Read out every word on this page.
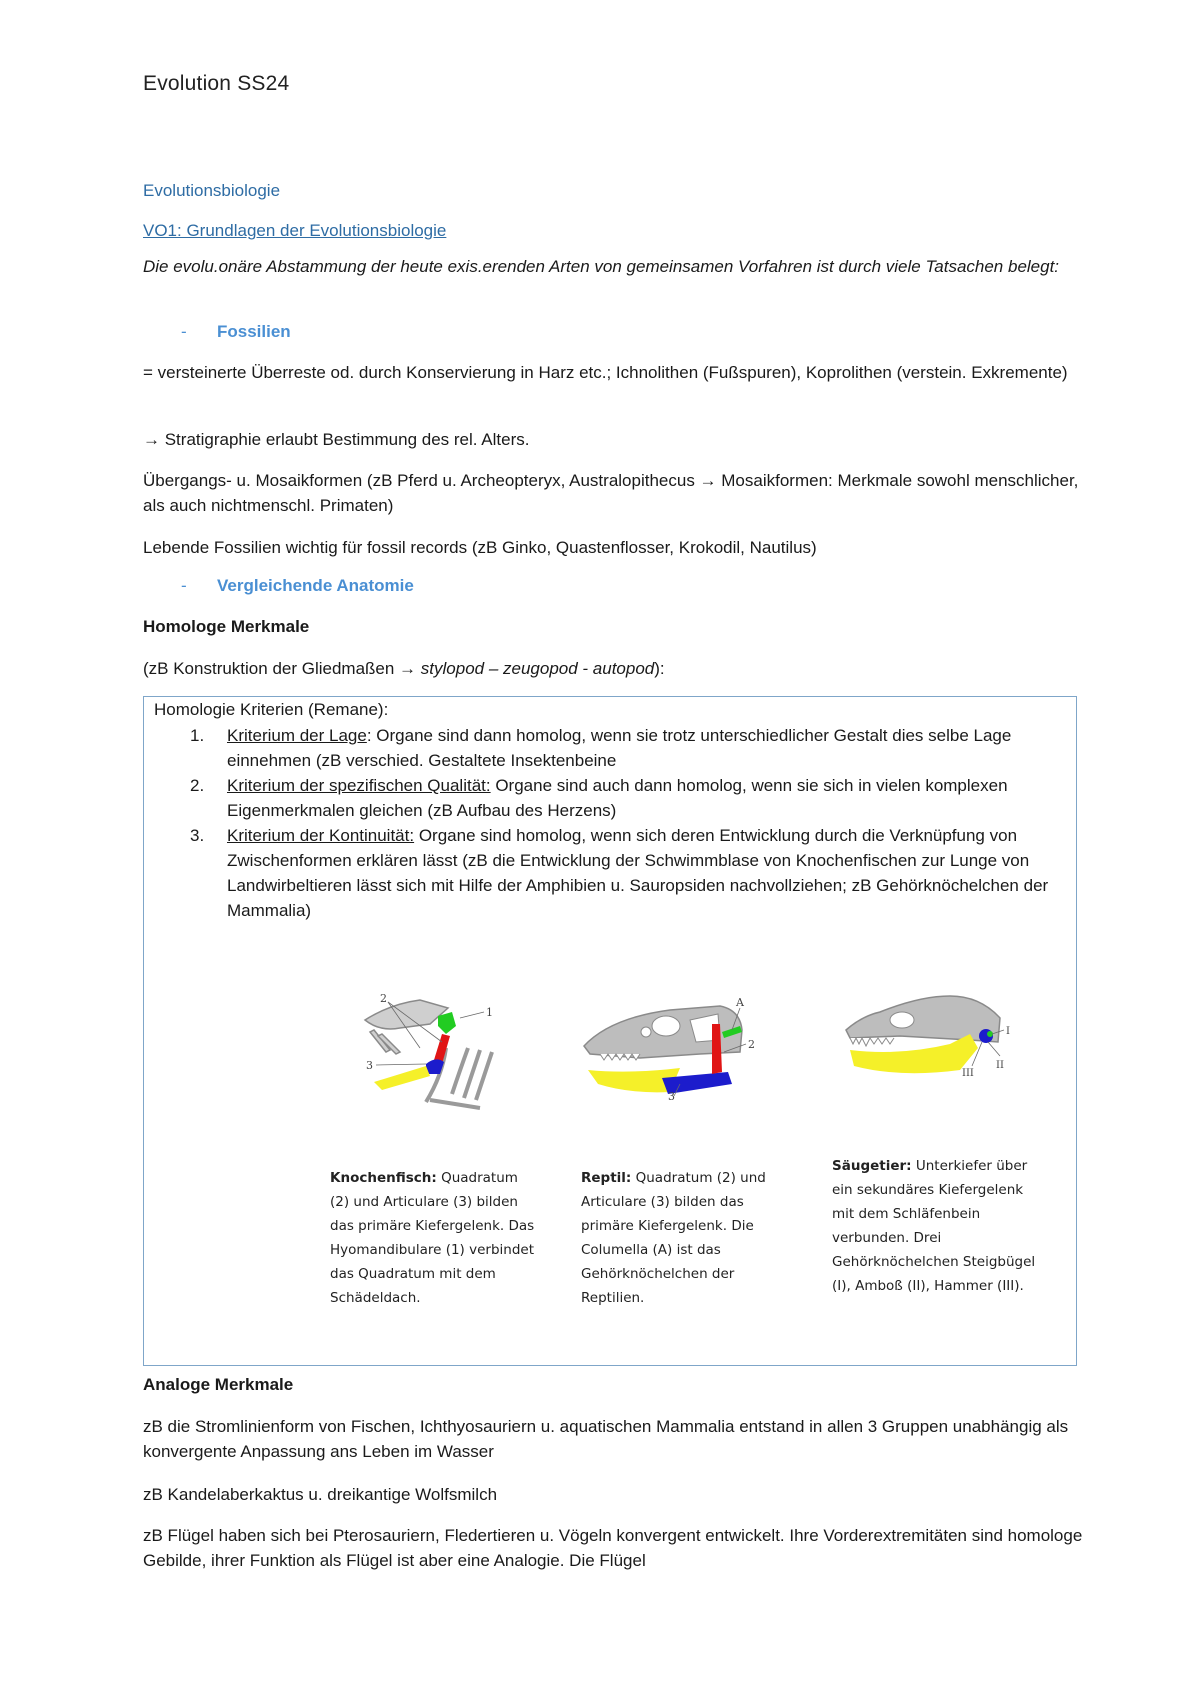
Evolution SS24
Evolutionsbiologie
VO1: Grundlagen der Evolutionsbiologie
Die evolu.onäre Abstammung der heute exis.erenden Arten von gemeinsamen Vorfahren ist durch viele Tatsachen belegt:
- Fossilien
= versteinerte Überreste od. durch Konservierung in Harz etc.; Ichnolithen (Fußspuren), Koprolithen (verstein. Exkremente)
→ Stratigraphie erlaubt Bestimmung des rel. Alters.
Übergangs- u. Mosaikformen (zB Pferd u. Archeopteryx, Australopithecus → Mosaikformen: Merkmale sowohl menschlicher, als auch nichtmenschl. Primaten)
Lebende Fossilien wichtig für fossil records (zB Ginko, Quastenflosser, Krokodil, Nautilus)
- Vergleichende Anatomie
Homologe Merkmale
(zB Konstruktion der Gliedmaßen → stylopod – zeugopod - autopod):
Homologie Kriterien (Remane):
1.	Kriterium der Lage: Organe sind dann homolog, wenn sie trotz unterschiedlicher Gestalt dies selbe Lage einnehmen (zB verschied. Gestaltete Insektenbeine
2.	Kriterium der spezifischen Qualität: Organe sind auch dann homolog, wenn sie sich in vielen komplexen Eigenmerkmalen gleichen (zB Aufbau des Herzens)
3.	Kriterium der Kontinuität: Organe sind homolog, wenn sich deren Entwicklung durch die Verknüpfung von Zwischenformen erklären lässt (zB die Entwicklung der Schwimmblase von Knochenfischen zur Lunge von Landwirbeltieren lässt sich mit Hilfe der Amphibien u. Sauropsiden nachvollziehen; zB Gehörknöchelchen der Mammalia)
2
1
3
A
2
3
I
II
III
Knochenfisch: Quadratum (2) und Articulare (3) bilden das primäre Kiefergelenk. Das Hyomandibulare (1) verbindet das Quadratum mit dem Schädeldach.
Reptil: Quadratum (2) und Articulare (3) bilden das primäre Kiefergelenk. Die Columella (A) ist das Gehörknöchelchen der Reptilien.
Säugetier: Unterkiefer über ein sekundäres Kiefergelenk mit dem Schläfenbein verbunden. Drei Gehörknöchelchen Steigbügel (I), Amboß (II), Hammer (III).
Analoge Merkmale
zB die Stromlinienform von Fischen, Ichthyosauriern u. aquatischen Mammalia entstand in allen 3 Gruppen unabhängig als konvergente Anpassung ans Leben im Wasser
zB Kandelaberkaktus u. dreikantige Wolfsmilch
zB Flügel haben sich bei Pterosauriern, Fledertieren u. Vögeln konvergent entwickelt. Ihre Vorderextremitäten sind homologe Gebilde, ihrer Funktion als Flügel ist aber eine Analogie. Die Flügel
